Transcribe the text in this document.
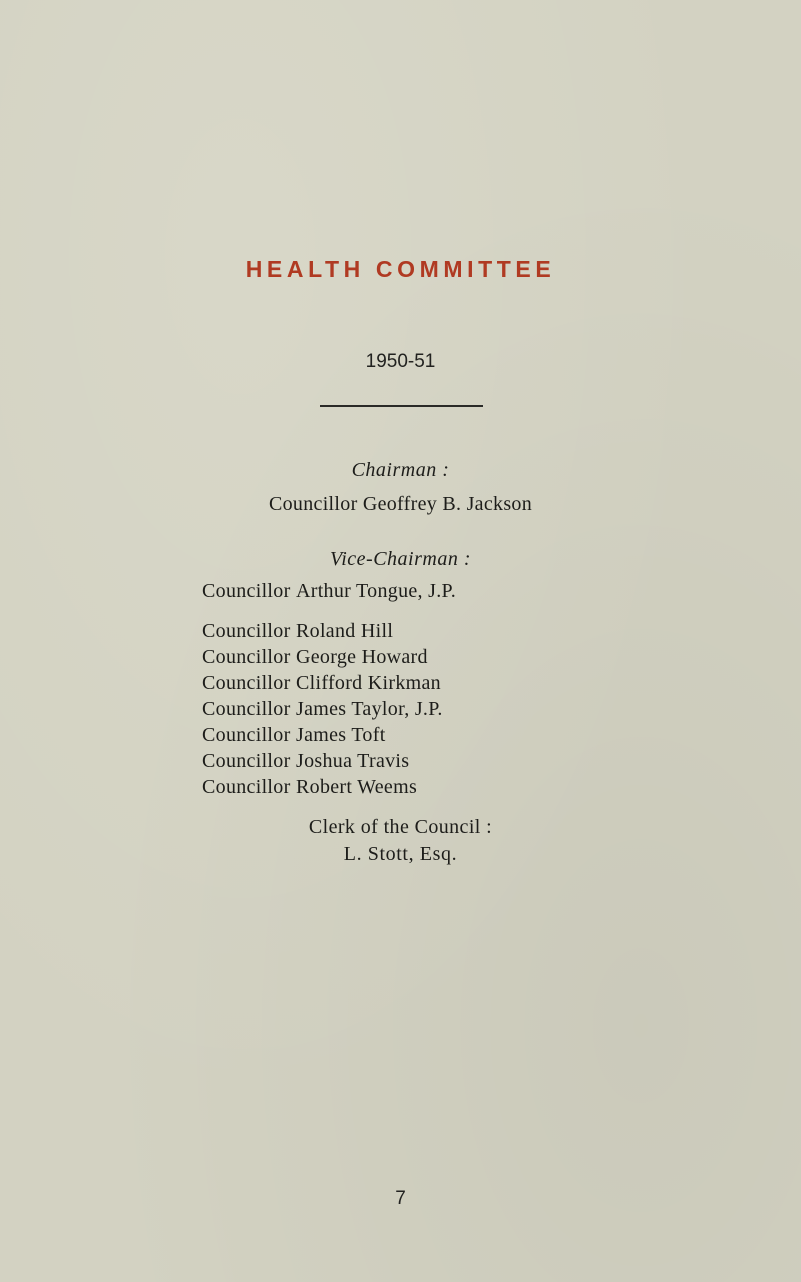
HEALTH COMMITTEE
1950-51
Chairman :
Councillor Geoffrey B. Jackson
Vice-Chairman :
Councillor Arthur Tongue, J.P.
Councillor Roland Hill
Councillor George Howard
Councillor Clifford Kirkman
Councillor James Taylor, J.P.
Councillor James Toft
Councillor Joshua Travis
Councillor Robert Weems
Clerk of the Council :
L. Stott, Esq.
7
